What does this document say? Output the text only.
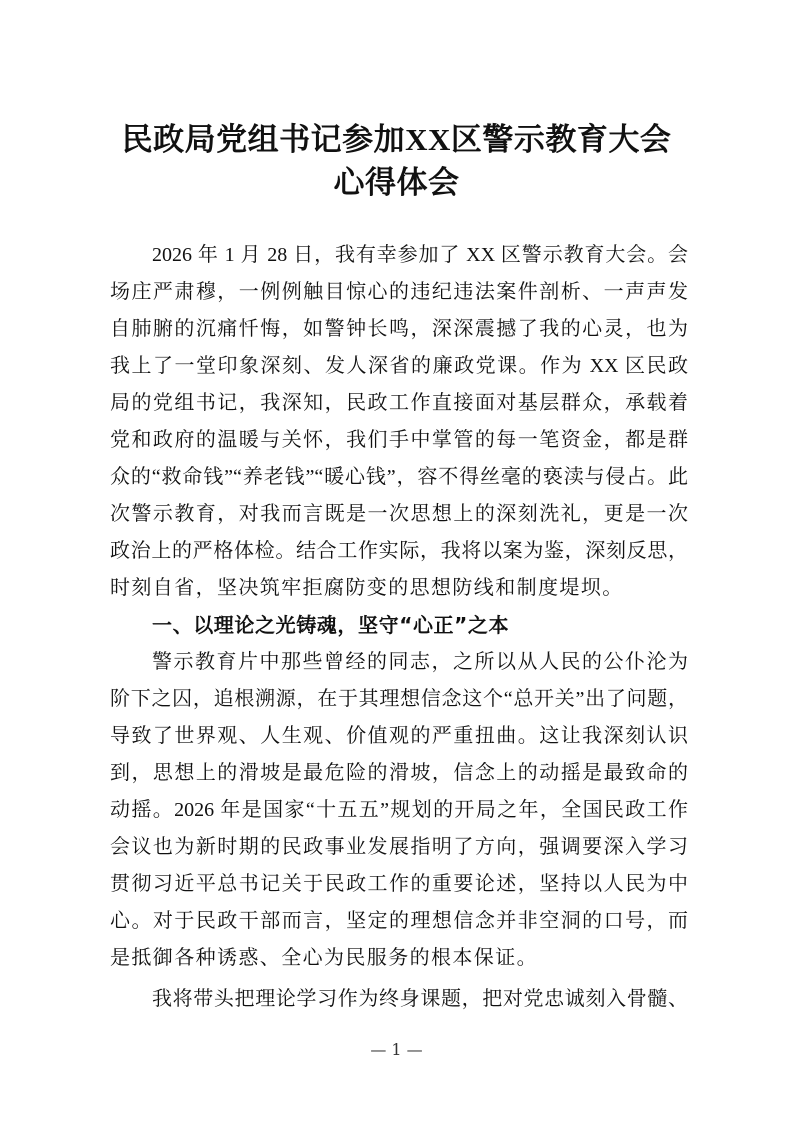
民政局党组书记参加XX区警示教育大会
心得体会
2026 年 1 月 28 日，我有幸参加了 XX 区警示教育大会。会
场庄严肃穆，一例例触目惊心的违纪违法案件剖析、一声声发
自肺腑的沉痛忏悔，如警钟长鸣，深深震撼了我的心灵，也为
我上了一堂印象深刻、发人深省的廉政党课。作为 XX 区民政
局的党组书记，我深知，民政工作直接面对基层群众，承载着
党和政府的温暖与关怀，我们手中掌管的每一笔资金，都是群
众的“救命钱”“养老钱”“暖心钱”，容不得丝毫的亵渎与侵占。此
次警示教育，对我而言既是一次思想上的深刻洗礼，更是一次
政治上的严格体检。结合工作实际，我将以案为鉴，深刻反思，
时刻自省，坚决筑牢拒腐防变的思想防线和制度堤坝。
一、以理论之光铸魂，坚守“心正”之本
警示教育片中那些曾经的同志，之所以从人民的公仆沦为
阶下之囚，追根溯源，在于其理想信念这个“总开关”出了问题，
导致了世界观、人生观、价值观的严重扭曲。这让我深刻认识
到，思想上的滑坡是最危险的滑坡，信念上的动摇是最致命的
动摇。2026 年是国家“十五五”规划的开局之年，全国民政工作
会议也为新时期的民政事业发展指明了方向，强调要深入学习
贯彻习近平总书记关于民政工作的重要论述，坚持以人民为中
心。对于民政干部而言，坚定的理想信念并非空洞的口号，而
是抵御各种诱惑、全心为民服务的根本保证。
我将带头把理论学习作为终身课题，把对党忠诚刻入骨髓、
— 1 —
